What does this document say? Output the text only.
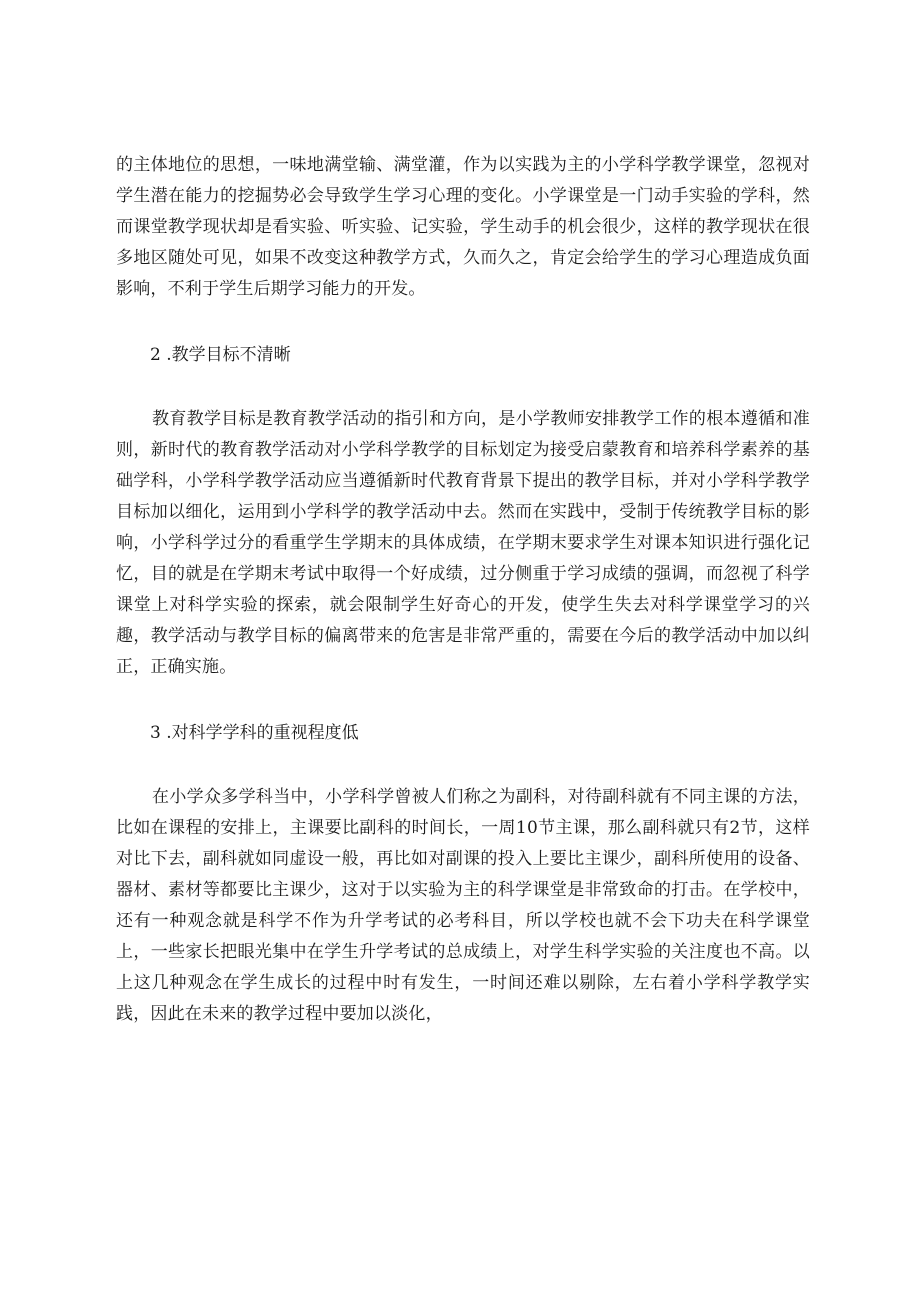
的主体地位的思想，一味地满堂输、满堂灌，作为以实践为主的小学科学教学课堂，忽视对学生潜在能力的挖掘势必会导致学生学习心理的变化。小学课堂是一门动手实验的学科，然而课堂教学现状却是看实验、听实验、记实验，学生动手的机会很少，这样的教学现状在很多地区随处可见，如果不改变这种教学方式，久而久之，肯定会给学生的学习心理造成负面影响，不利于学生后期学习能力的开发。

2 .教学目标不清晰

教育教学目标是教育教学活动的指引和方向，是小学教师安排教学工作的根本遵循和准则，新时代的教育教学活动对小学科学教学的目标划定为接受启蒙教育和培养科学素养的基础学科，小学科学教学活动应当遵循新时代教育背景下提出的教学目标，并对小学科学教学目标加以细化，运用到小学科学的教学活动中去。然而在实践中，受制于传统教学目标的影响，小学科学过分的看重学生学期末的具体成绩，在学期末要求学生对课本知识进行强化记忆，目的就是在学期末考试中取得一个好成绩，过分侧重于学习成绩的强调，而忽视了科学课堂上对科学实验的探索，就会限制学生好奇心的开发，使学生失去对科学课堂学习的兴趣，教学活动与教学目标的偏离带来的危害是非常严重的，需要在今后的教学活动中加以纠正，正确实施。

3 .对科学学科的重视程度低

在小学众多学科当中，小学科学曾被人们称之为副科，对待副科就有不同主课的方法，比如在课程的安排上，主课要比副科的时间长，一周10节主课，那么副科就只有2节，这样对比下去，副科就如同虚设一般，再比如对副课的投入上要比主课少，副科所使用的设备、器材、素材等都要比主课少，这对于以实验为主的科学课堂是非常致命的打击。在学校中，还有一种观念就是科学不作为升学考试的必考科目，所以学校也就不会下功夫在科学课堂上，一些家长把眼光集中在学生升学考试的总成绩上，对学生科学实验的关注度也不高。以上这几种观念在学生成长的过程中时有发生，一时间还难以剔除，左右着小学科学教学实践，因此在未来的教学过程中要加以淡化，
